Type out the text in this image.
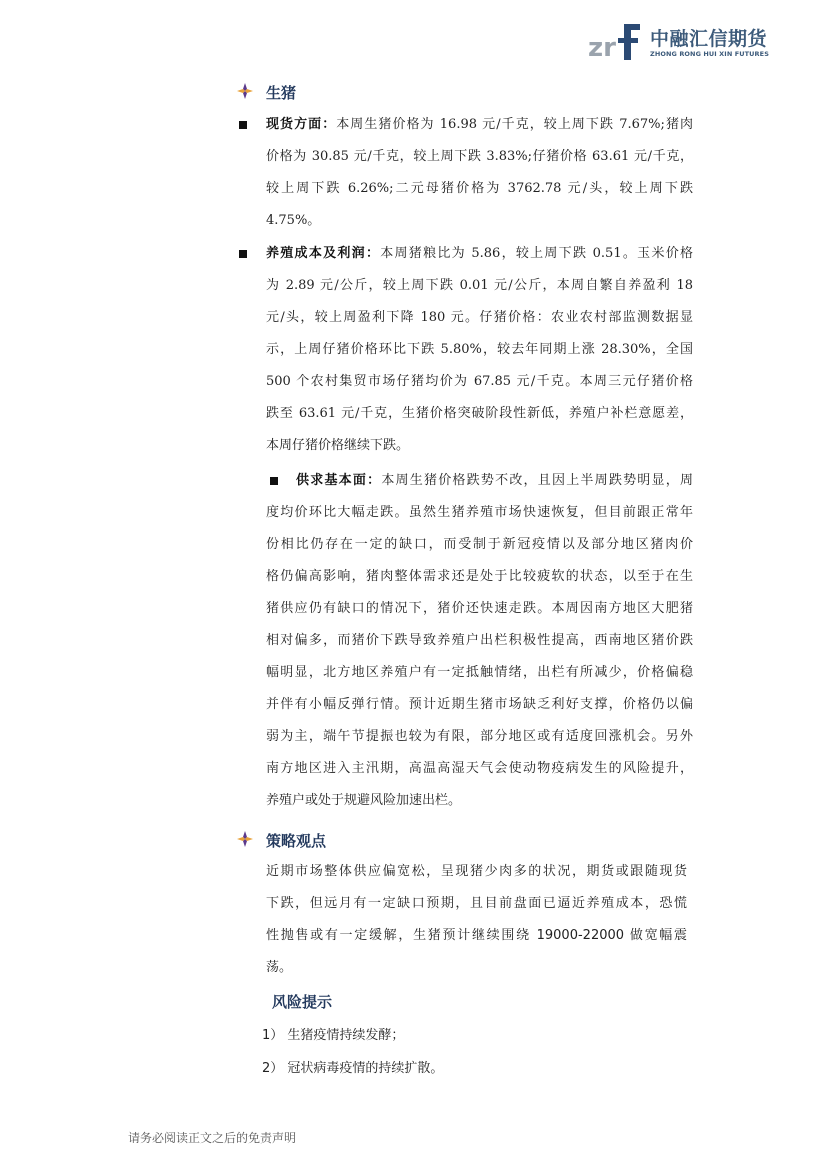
zr 中融汇信期货
ZHONG RONG HUI XIN FUTURES
生猪
现货方面：本周生猪价格为 16.98 元/千克，较上周下跌 7.67%;猪肉
价格为 30.85 元/千克，较上周下跌 3.83%;仔猪价格 63.61 元/千克，
较上周下跌 6.26%;二元母猪价格为 3762.78 元/头，较上周下跌
4.75%。
养殖成本及利润：本周猪粮比为 5.86，较上周下跌 0.51。玉米价格
为 2.89 元/公斤，较上周下跌 0.01 元/公斤，本周自繁自养盈利 18
元/头，较上周盈利下降 180 元。仔猪价格：农业农村部监测数据显
示，上周仔猪价格环比下跌 5.80%，较去年同期上涨 28.30%，全国
500 个农村集贸市场仔猪均价为 67.85 元/千克。本周三元仔猪价格
跌至 63.61 元/千克，生猪价格突破阶段性新低，养殖户补栏意愿差，
本周仔猪价格继续下跌。
供求基本面：本周生猪价格跌势不改，且因上半周跌势明显，周
度均价环比大幅走跌。虽然生猪养殖市场快速恢复，但目前跟正常年
份相比仍存在一定的缺口，而受制于新冠疫情以及部分地区猪肉价
格仍偏高影响，猪肉整体需求还是处于比较疲软的状态，以至于在生
猪供应仍有缺口的情况下，猪价还快速走跌。本周因南方地区大肥猪
相对偏多，而猪价下跌导致养殖户出栏积极性提高，西南地区猪价跌
幅明显，北方地区养殖户有一定抵触情绪，出栏有所减少，价格偏稳
并伴有小幅反弹行情。预计近期生猪市场缺乏利好支撑，价格仍以偏
弱为主，端午节提振也较为有限，部分地区或有适度回涨机会。另外
南方地区进入主汛期，高温高湿天气会使动物疫病发生的风险提升，
养殖户或处于规避风险加速出栏。
策略观点
近期市场整体供应偏宽松，呈现猪少肉多的状况，期货或跟随现货
下跌，但远月有一定缺口预期，且目前盘面已逼近养殖成本，恐慌
性抛售或有一定缓解，生猪预计继续围绕 19000-22000 做宽幅震
荡。
风险提示
1） 生猪疫情持续发酵；
2） 冠状病毒疫情的持续扩散。
请务必阅读正文之后的免责声明
